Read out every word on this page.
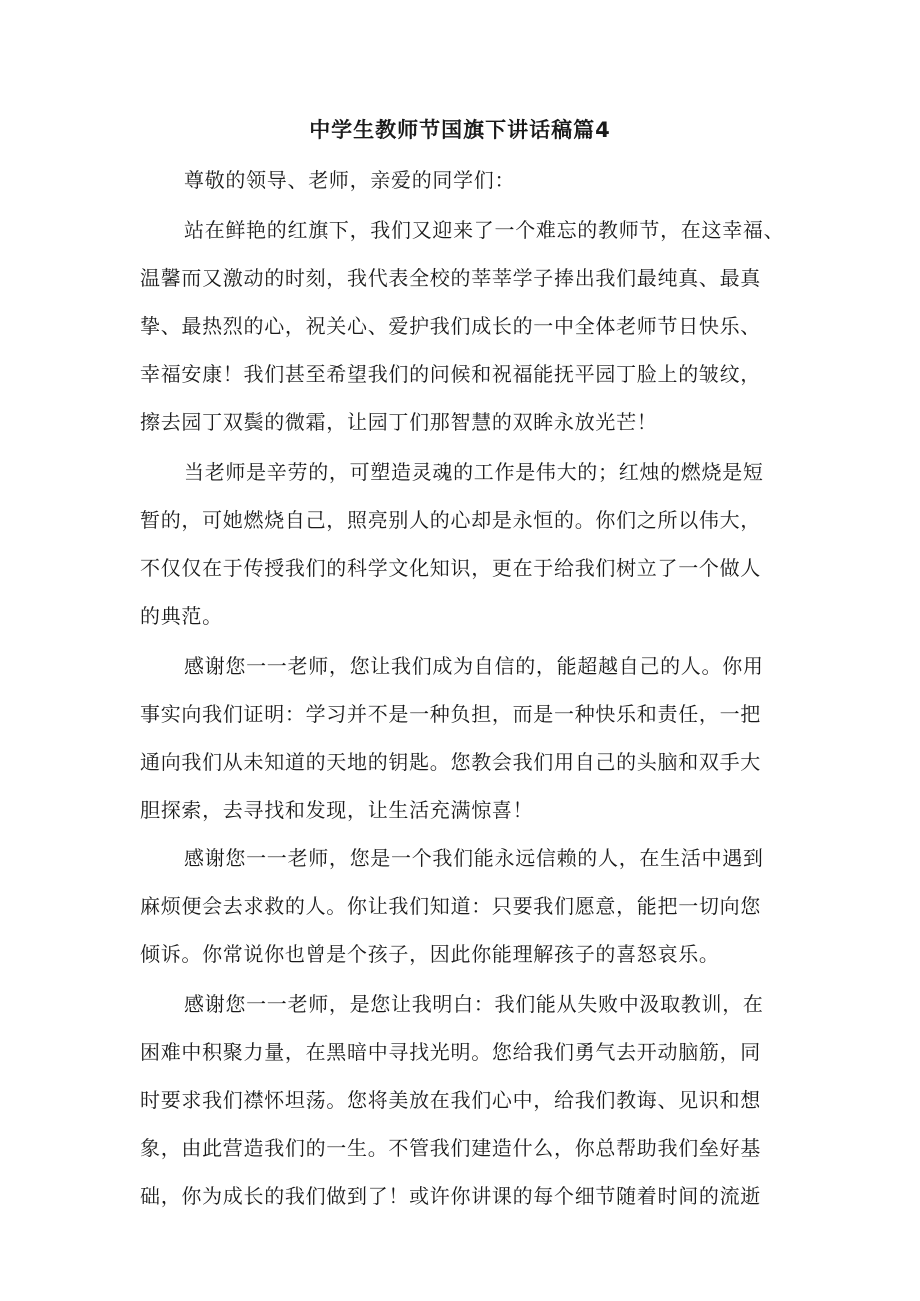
中学生教师节国旗下讲话稿篇4
尊敬的领导、老师，亲爱的同学们：
站在鲜艳的红旗下，我们又迎来了一个难忘的教师节，在这幸福、
温馨而又激动的时刻，我代表全校的莘莘学子捧出我们最纯真、最真
挚、最热烈的心，祝关心、爱护我们成长的一中全体老师节日快乐、
幸福安康！我们甚至希望我们的问候和祝福能抚平园丁脸上的皱纹，
擦去园丁双鬓的微霜，让园丁们那智慧的双眸永放光芒！
当老师是辛劳的，可塑造灵魂的工作是伟大的；红烛的燃烧是短
暂的，可她燃烧自己，照亮别人的心却是永恒的。你们之所以伟大，
不仅仅在于传授我们的科学文化知识，更在于给我们树立了一个做人
的典范。
感谢您一一老师，您让我们成为自信的，能超越自己的人。你用
事实向我们证明：学习并不是一种负担，而是一种快乐和责任，一把
通向我们从未知道的天地的钥匙。您教会我们用自己的头脑和双手大
胆探索，去寻找和发现，让生活充满惊喜！
感谢您一一老师，您是一个我们能永远信赖的人，在生活中遇到
麻烦便会去求救的人。你让我们知道：只要我们愿意，能把一切向您
倾诉。你常说你也曾是个孩子，因此你能理解孩子的喜怒哀乐。
感谢您一一老师，是您让我明白：我们能从失败中汲取教训，在
困难中积聚力量，在黑暗中寻找光明。您给我们勇气去开动脑筋，同
时要求我们襟怀坦荡。您将美放在我们心中，给我们教诲、见识和想
象，由此营造我们的一生。不管我们建造什么，你总帮助我们垒好基
础，你为成长的我们做到了！或许你讲课的每个细节随着时间的流逝
